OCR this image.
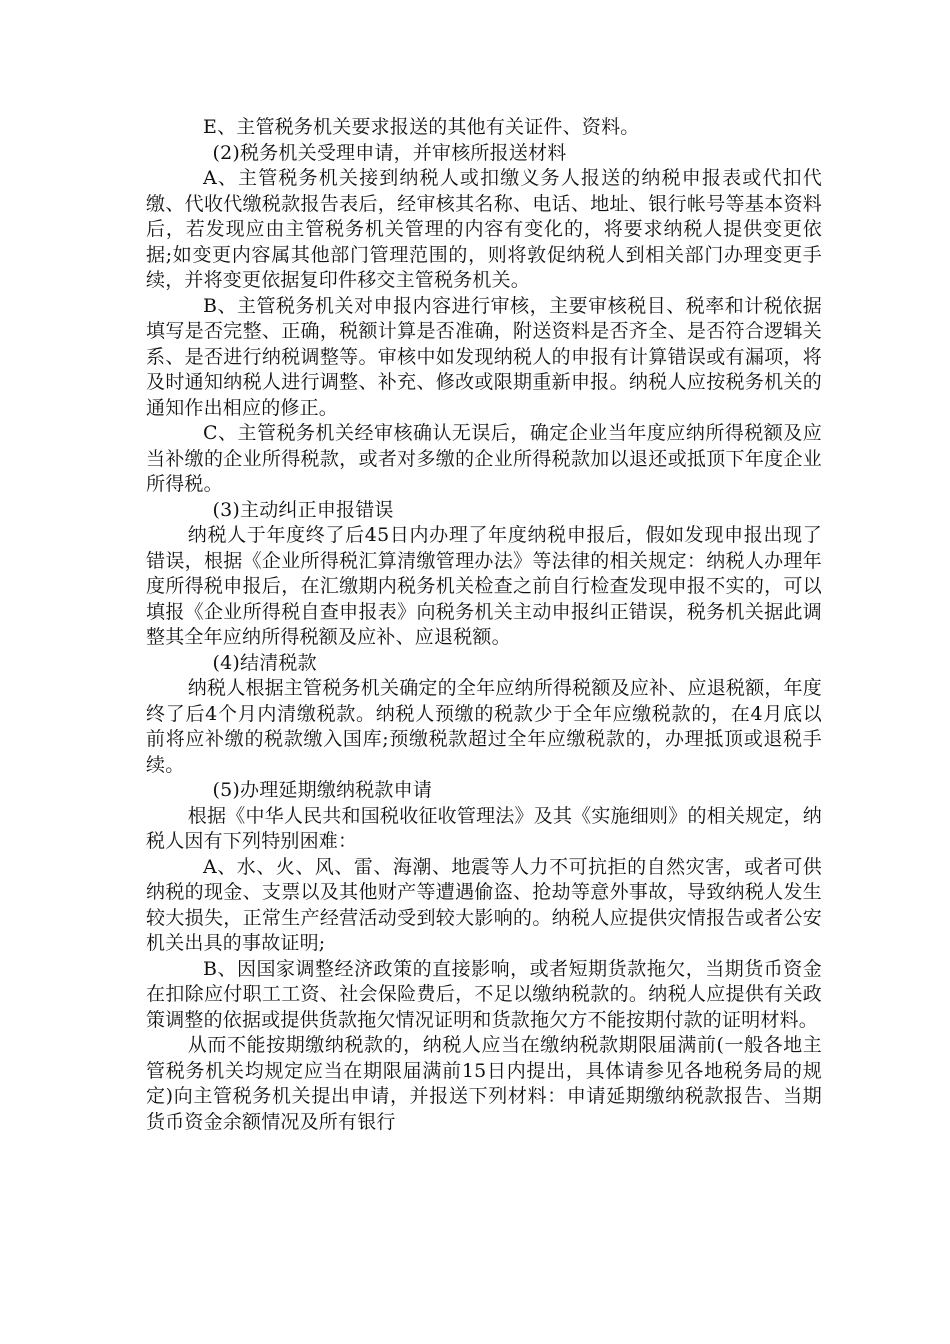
E、主管税务机关要求报送的其他有关证件、资料。

(2)税务机关受理申请，并审核所报送材料

A、主管税务机关接到纳税人或扣缴义务人报送的纳税申报表或代扣代缴、代收代缴税款报告表后，经审核其名称、电话、地址、银行帐号等基本资料后，若发现应由主管税务机关管理的内容有变化的，将要求纳税人提供变更依据;如变更内容属其他部门管理范围的，则将敦促纳税人到相关部门办理变更手续，并将变更依据复印件移交主管税务机关。

B、主管税务机关对申报内容进行审核，主要审核税目、税率和计税依据填写是否完整、正确，税额计算是否准确，附送资料是否齐全、是否符合逻辑关系、是否进行纳税调整等。审核中如发现纳税人的申报有计算错误或有漏项，将及时通知纳税人进行调整、补充、修改或限期重新申报。纳税人应按税务机关的通知作出相应的修正。

C、主管税务机关经审核确认无误后，确定企业当年度应纳所得税额及应当补缴的企业所得税款，或者对多缴的企业所得税款加以退还或抵顶下年度企业所得税。

(3)主动纠正申报错误

纳税人于年度终了后45日内办理了年度纳税申报后，假如发现申报出现了错误，根据《企业所得税汇算清缴管理办法》等法律的相关规定：纳税人办理年度所得税申报后，在汇缴期内税务机关检查之前自行检查发现申报不实的，可以填报《企业所得税自查申报表》向税务机关主动申报纠正错误，税务机关据此调整其全年应纳所得税额及应补、应退税额。

(4)结清税款

纳税人根据主管税务机关确定的全年应纳所得税额及应补、应退税额，年度终了后4个月内清缴税款。纳税人预缴的税款少于全年应缴税款的，在4月底以前将应补缴的税款缴入国库;预缴税款超过全年应缴税款的，办理抵顶或退税手续。

(5)办理延期缴纳税款申请

根据《中华人民共和国税收征收管理法》及其《实施细则》的相关规定，纳税人因有下列特别困难：

A、水、火、风、雷、海潮、地震等人力不可抗拒的自然灾害，或者可供纳税的现金、支票以及其他财产等遭遇偷盗、抢劫等意外事故，导致纳税人发生较大损失，正常生产经营活动受到较大影响的。纳税人应提供灾情报告或者公安机关出具的事故证明;

B、因国家调整经济政策的直接影响，或者短期货款拖欠，当期货币资金在扣除应付职工工资、社会保险费后，不足以缴纳税款的。纳税人应提供有关政策调整的依据或提供货款拖欠情况证明和货款拖欠方不能按期付款的证明材料。

从而不能按期缴纳税款的，纳税人应当在缴纳税款期限届满前(一般各地主管税务机关均规定应当在期限届满前15日内提出，具体请参见各地税务局的规定)向主管税务机关提出申请，并报送下列材料：申请延期缴纳税款报告、当期货币资金余额情况及所有银行
